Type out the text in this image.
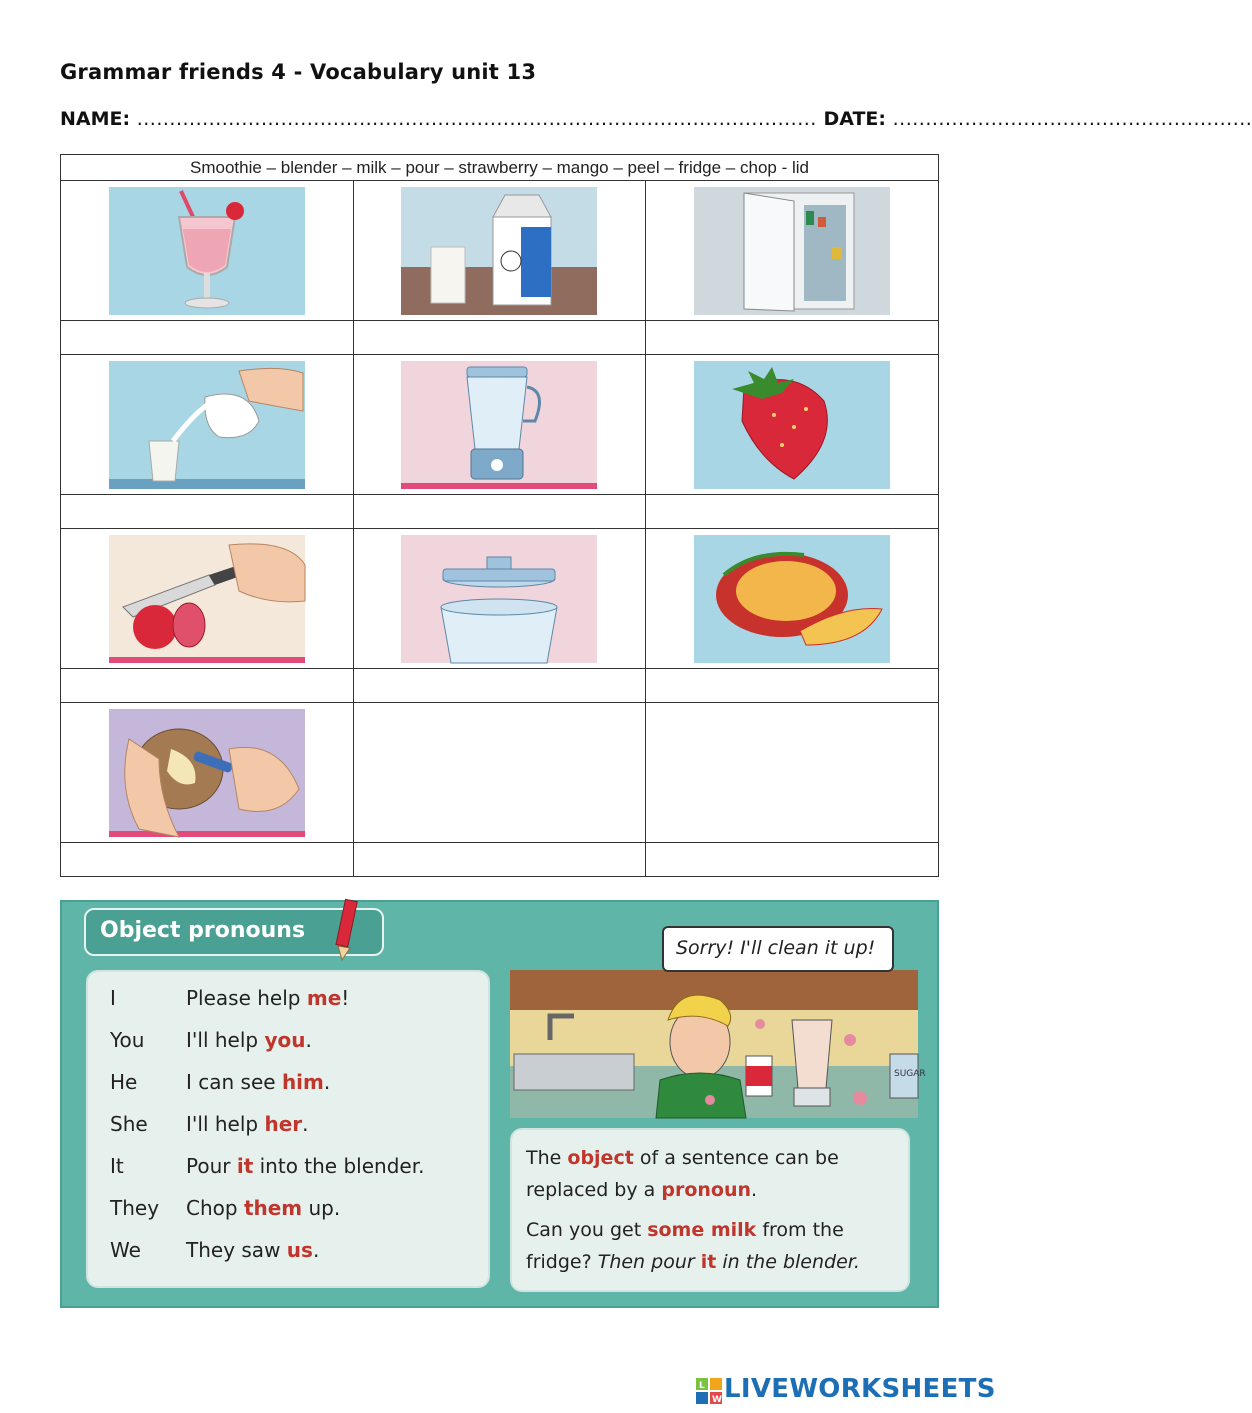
Grammar friends 4 - Vocabulary unit 13
NAME: ........................................................................................................ DATE: .......................................................
Smoothie – blender – milk – pour – strawberry – mango – peel – fridge – chop - lid		

Object pronouns
I	Please help me!
You I'll help you.
He I can see him.
She I'll help her.
It	Pour it into the blender.
They Chop them up.
We They saw us.
SUGAR
Sorry! I'll clean it up!

The object of a sentence can be replaced by a pronoun.

Can you get some milk from the fridge? Then pour it in the blender.

L
W LIVEWORKSHEETS
